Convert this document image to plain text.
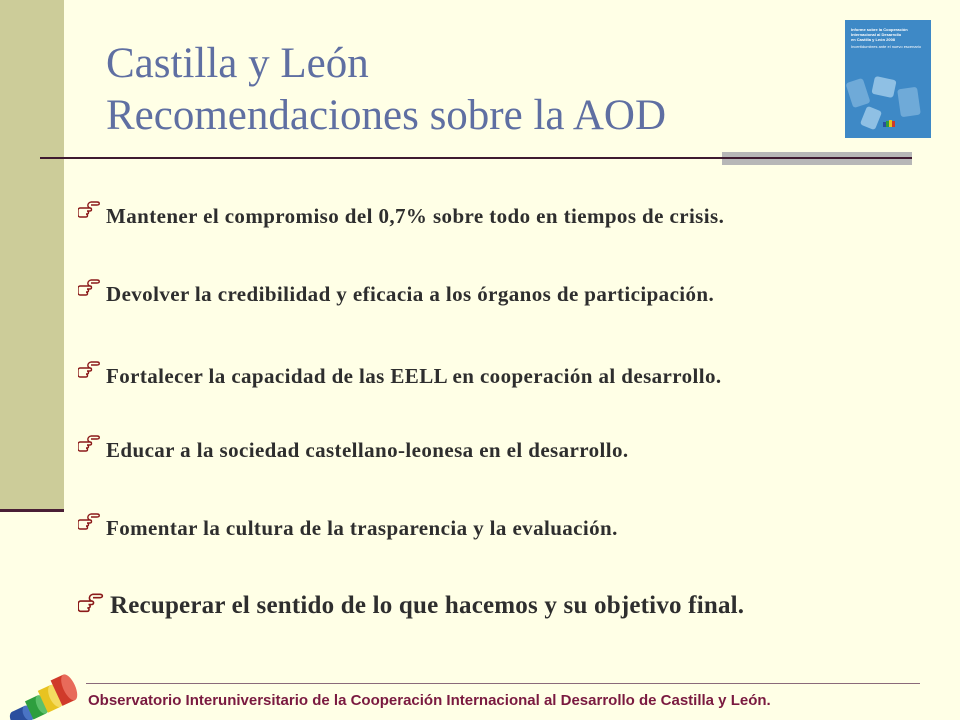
Castilla y León
Recomendaciones sobre la AOD
Informe sobre la Cooperación
Internacional al Desarrollo
en Castilla y León 2008
Incertidumbres ante el nuevo escenario
Mantener el compromiso del 0,7% sobre todo en tiempos de crisis.
Devolver la credibilidad y eficacia a los órganos de participación.
Fortalecer la capacidad de las EELL en cooperación al desarrollo.
Educar a la sociedad castellano-leonesa en el desarrollo.
Fomentar la cultura de la trasparencia y la evaluación.
Recuperar el sentido de lo que hacemos y su objetivo final.
Observatorio Interuniversitario de la Cooperación Internacional al Desarrollo de Castilla y León.
